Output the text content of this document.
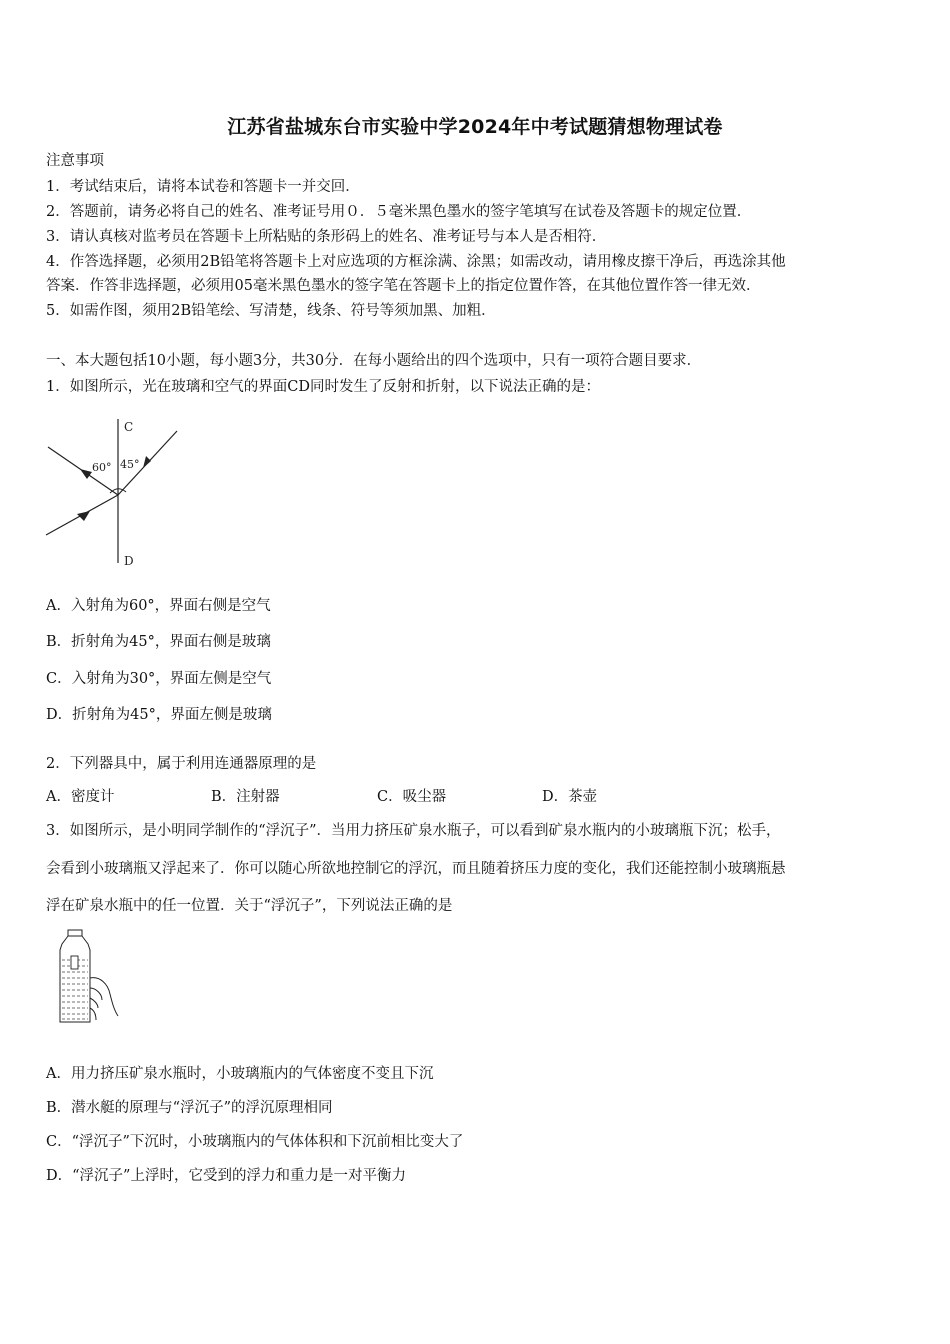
江苏省盐城东台市实验中学2024年中考试题猜想物理试卷
注意事项
1．考试结束后，请将本试卷和答题卡一并交回．
2．答题前，请务必将自己的姓名、准考证号用０．５毫米黑色墨水的签字笔填写在试卷及答题卡的规定位置．
3．请认真核对监考员在答题卡上所粘贴的条形码上的姓名、准考证号与本人是否相符．
4．作答选择题，必须用2B铅笔将答题卡上对应选项的方框涂满、涂黑；如需改动，请用橡皮擦干净后，再选涂其他
答案．作答非选择题，必须用05毫米黑色墨水的签字笔在答题卡上的指定位置作答，在其他位置作答一律无效．
5．如需作图，须用2B铅笔绘、写清楚，线条、符号等须加黑、加粗．
一、本大题包括10小题，每小题3分，共30分．在每小题给出的四个选项中，只有一项符合题目要求．
1．如图所示，光在玻璃和空气的界面CD同时发生了反射和折射，以下说法正确的是：
C
D
60° 45°
A．入射角为60°，界面右侧是空气
B．折射角为45°，界面右侧是玻璃
C．入射角为30°，界面左侧是空气
D．折射角为45°，界面左侧是玻璃
2．下列器具中，属于利用连通器原理的是
A．密度计	B．注射器	C．吸尘器	D．茶壶
3．如图所示，是小明同学制作的“浮沉子”．当用力挤压矿泉水瓶子，可以看到矿泉水瓶内的小玻璃瓶下沉；松手，
会看到小玻璃瓶又浮起来了．你可以随心所欲地控制它的浮沉，而且随着挤压力度的变化，我们还能控制小玻璃瓶悬
浮在矿泉水瓶中的任一位置．关于“浮沉子”，下列说法正确的是
A．用力挤压矿泉水瓶时，小玻璃瓶内的气体密度不变且下沉
B．潜水艇的原理与“浮沉子”的浮沉原理相同
C．“浮沉子”下沉时，小玻璃瓶内的气体体积和下沉前相比变大了
D．“浮沉子”上浮时，它受到的浮力和重力是一对平衡力
